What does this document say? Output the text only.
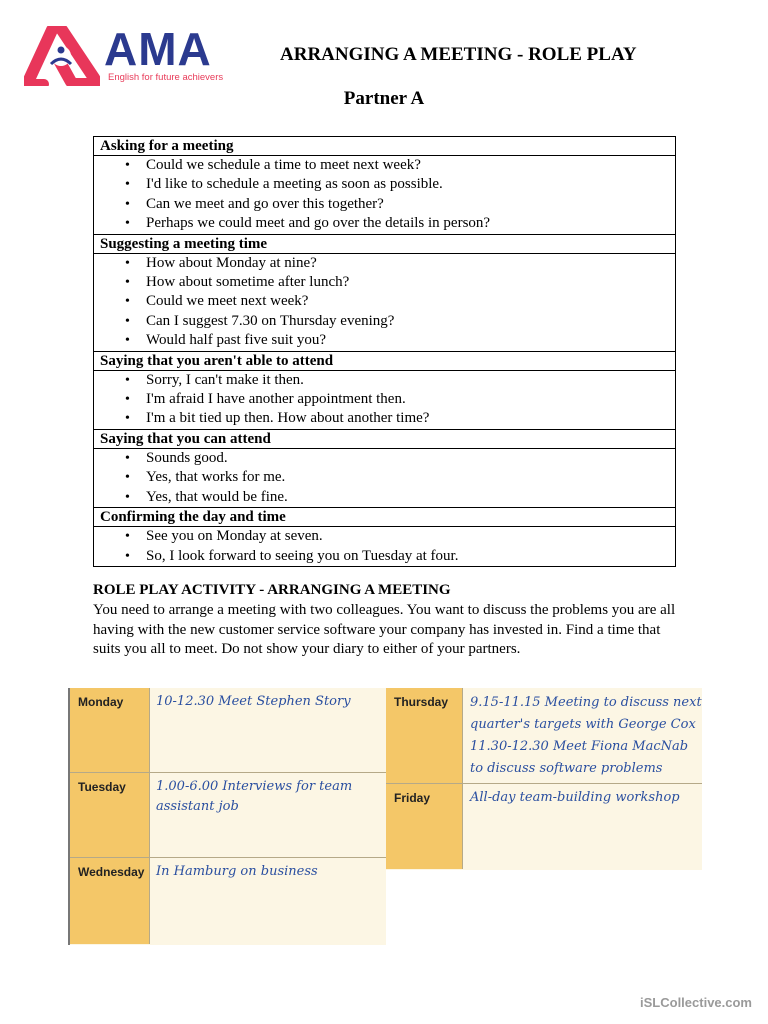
AMA
English for future achievers
ARRANGING A MEETING - ROLE PLAY
Partner A
Asking for a meeting

• Could we schedule a time to meet next week?
• I'd like to schedule a meeting as soon as possible.
• Can we meet and go over this together?
• Perhaps we could meet and go over the details in person?

Suggesting a meeting time

• How about Monday at nine?
• How about sometime after lunch?
• Could we meet next week?
• Can I suggest 7.30 on Thursday evening?
• Would half past five suit you?

Saying that you aren't able to attend

• Sorry, I can't make it then.
• I'm afraid I have another appointment then.
• I'm a bit tied up then. How about another time?

Saying that you can attend

• Sounds good.
• Yes, that works for me.
• Yes, that would be fine.

Confirming the day and time

• See you on Monday at seven.
• So, I look forward to seeing you on Tuesday at four.
ROLE PLAY ACTIVITY - ARRANGING A MEETING

You need to arrange a meeting with two colleagues. You want to discuss the problems you are all having with the new customer service software your company has invested in. Find a time that suits you all to meet. Do not show your diary to either of your partners.

Monday	10-12.30 Meet Stephen Story
Tuesday	1.00-6.00 Interviews for team
assistant job
Wednesday In Hamburg on business
Thursday	9.15-11.15 Meeting to discuss next
quarter's targets with George Cox
11.30-12.30 Meet Fiona MacNab
to discuss software problems
Friday	All-day team-building workshop
iSLCollective.com
